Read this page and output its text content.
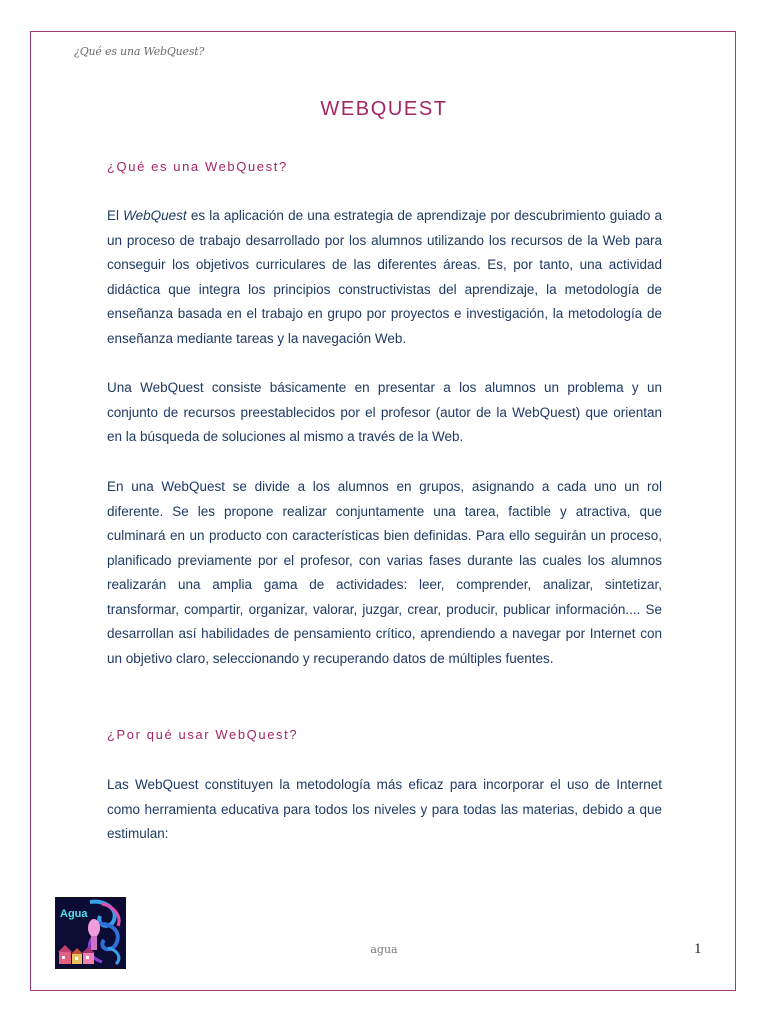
¿Qué es una WebQuest?
WEBQUEST
¿Qué es una WebQuest?

El WebQuest es la aplicación de una estrategia de aprendizaje por descubrimiento guiado a un proceso de trabajo desarrollado por los alumnos utilizando los recursos de la Web para conseguir los objetivos curriculares de las diferentes áreas. Es, por tanto, una actividad didáctica que integra los principios constructivistas del aprendizaje, la metodología de enseñanza basada en el trabajo en grupo por proyectos e investigación, la metodología de enseñanza mediante tareas y la navegación Web.

Una WebQuest consiste básicamente en presentar a los alumnos un problema y un conjunto de recursos preestablecidos por el profesor (autor de la WebQuest) que orientan en la búsqueda de soluciones al mismo a través de la Web.

En una WebQuest se divide a los alumnos en grupos, asignando a cada uno un rol diferente. Se les propone realizar conjuntamente una tarea, factible y atractiva, que culminará en un producto con características bien definidas. Para ello seguirán un proceso, planificado previamente por el profesor, con varias fases durante las cuales los alumnos realizarán una amplia gama de actividades: leer, comprender, analizar, sintetizar, transformar, compartir, organizar, valorar, juzgar, crear, producir, publicar información.... Se desarrollan así habilidades de pensamiento crítico, aprendiendo a navegar por Internet con un objetivo claro, seleccionando y recuperando datos de múltiples fuentes.

¿Por qué usar WebQuest?

Las WebQuest constituyen la metodología más eficaz para incorporar el uso de Internet como herramienta educativa para todos los niveles y para todas las materias, debido a que estimulan:

Agua
agua	1
